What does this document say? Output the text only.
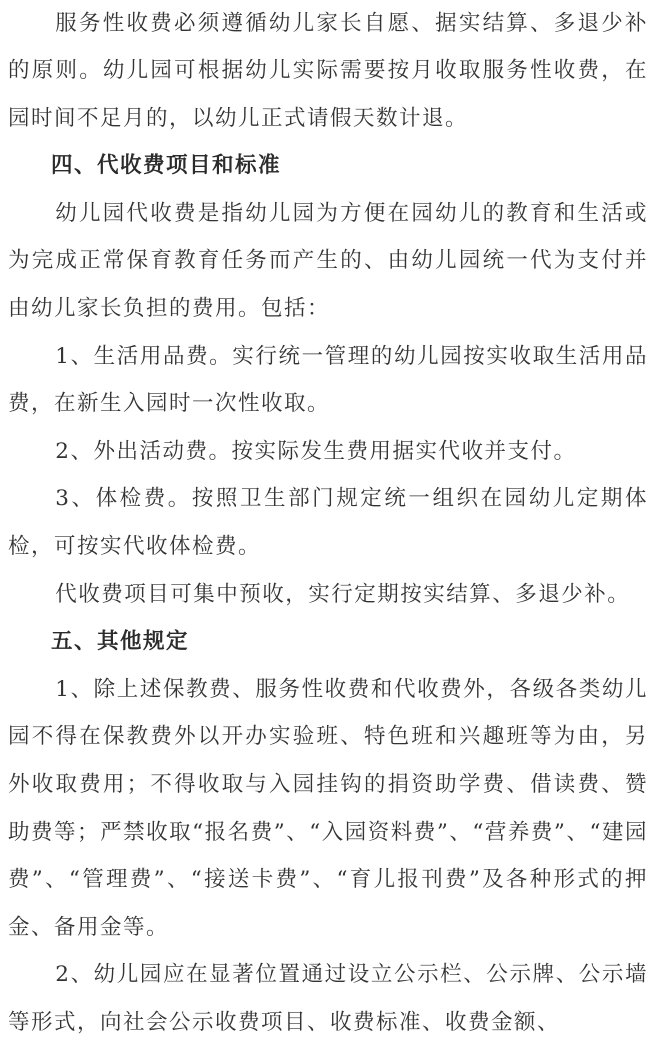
服务性收费必须遵循幼儿家长自愿、据实结算、多退少补的原则。幼儿园可根据幼儿实际需要按月收取服务性收费，在园时间不足月的，以幼儿正式请假天数计退。

四、代收费项目和标准

幼儿园代收费是指幼儿园为方便在园幼儿的教育和生活或为完成正常保育教育任务而产生的、由幼儿园统一代为支付并由幼儿家长负担的费用。包括：

1、生活用品费。实行统一管理的幼儿园按实收取生活用品费，在新生入园时一次性收取。

2、外出活动费。按实际发生费用据实代收并支付。

3、体检费。按照卫生部门规定统一组织在园幼儿定期体检，可按实代收体检费。

代收费项目可集中预收，实行定期按实结算、多退少补。

五、其他规定

1、除上述保教费、服务性收费和代收费外，各级各类幼儿园不得在保教费外以开办实验班、特色班和兴趣班等为由，另外收取费用；不得收取与入园挂钩的捐资助学费、借读费、赞助费等；严禁收取“报名费”、“入园资料费”、“营养费”、“建园费”、“管理费”、“接送卡费”、“育儿报刊费”及各种形式的押金、备用金等。

2、幼儿园应在显著位置通过设立公示栏、公示牌、公示墙等形式，向社会公示收费项目、收费标准、收费金额、
